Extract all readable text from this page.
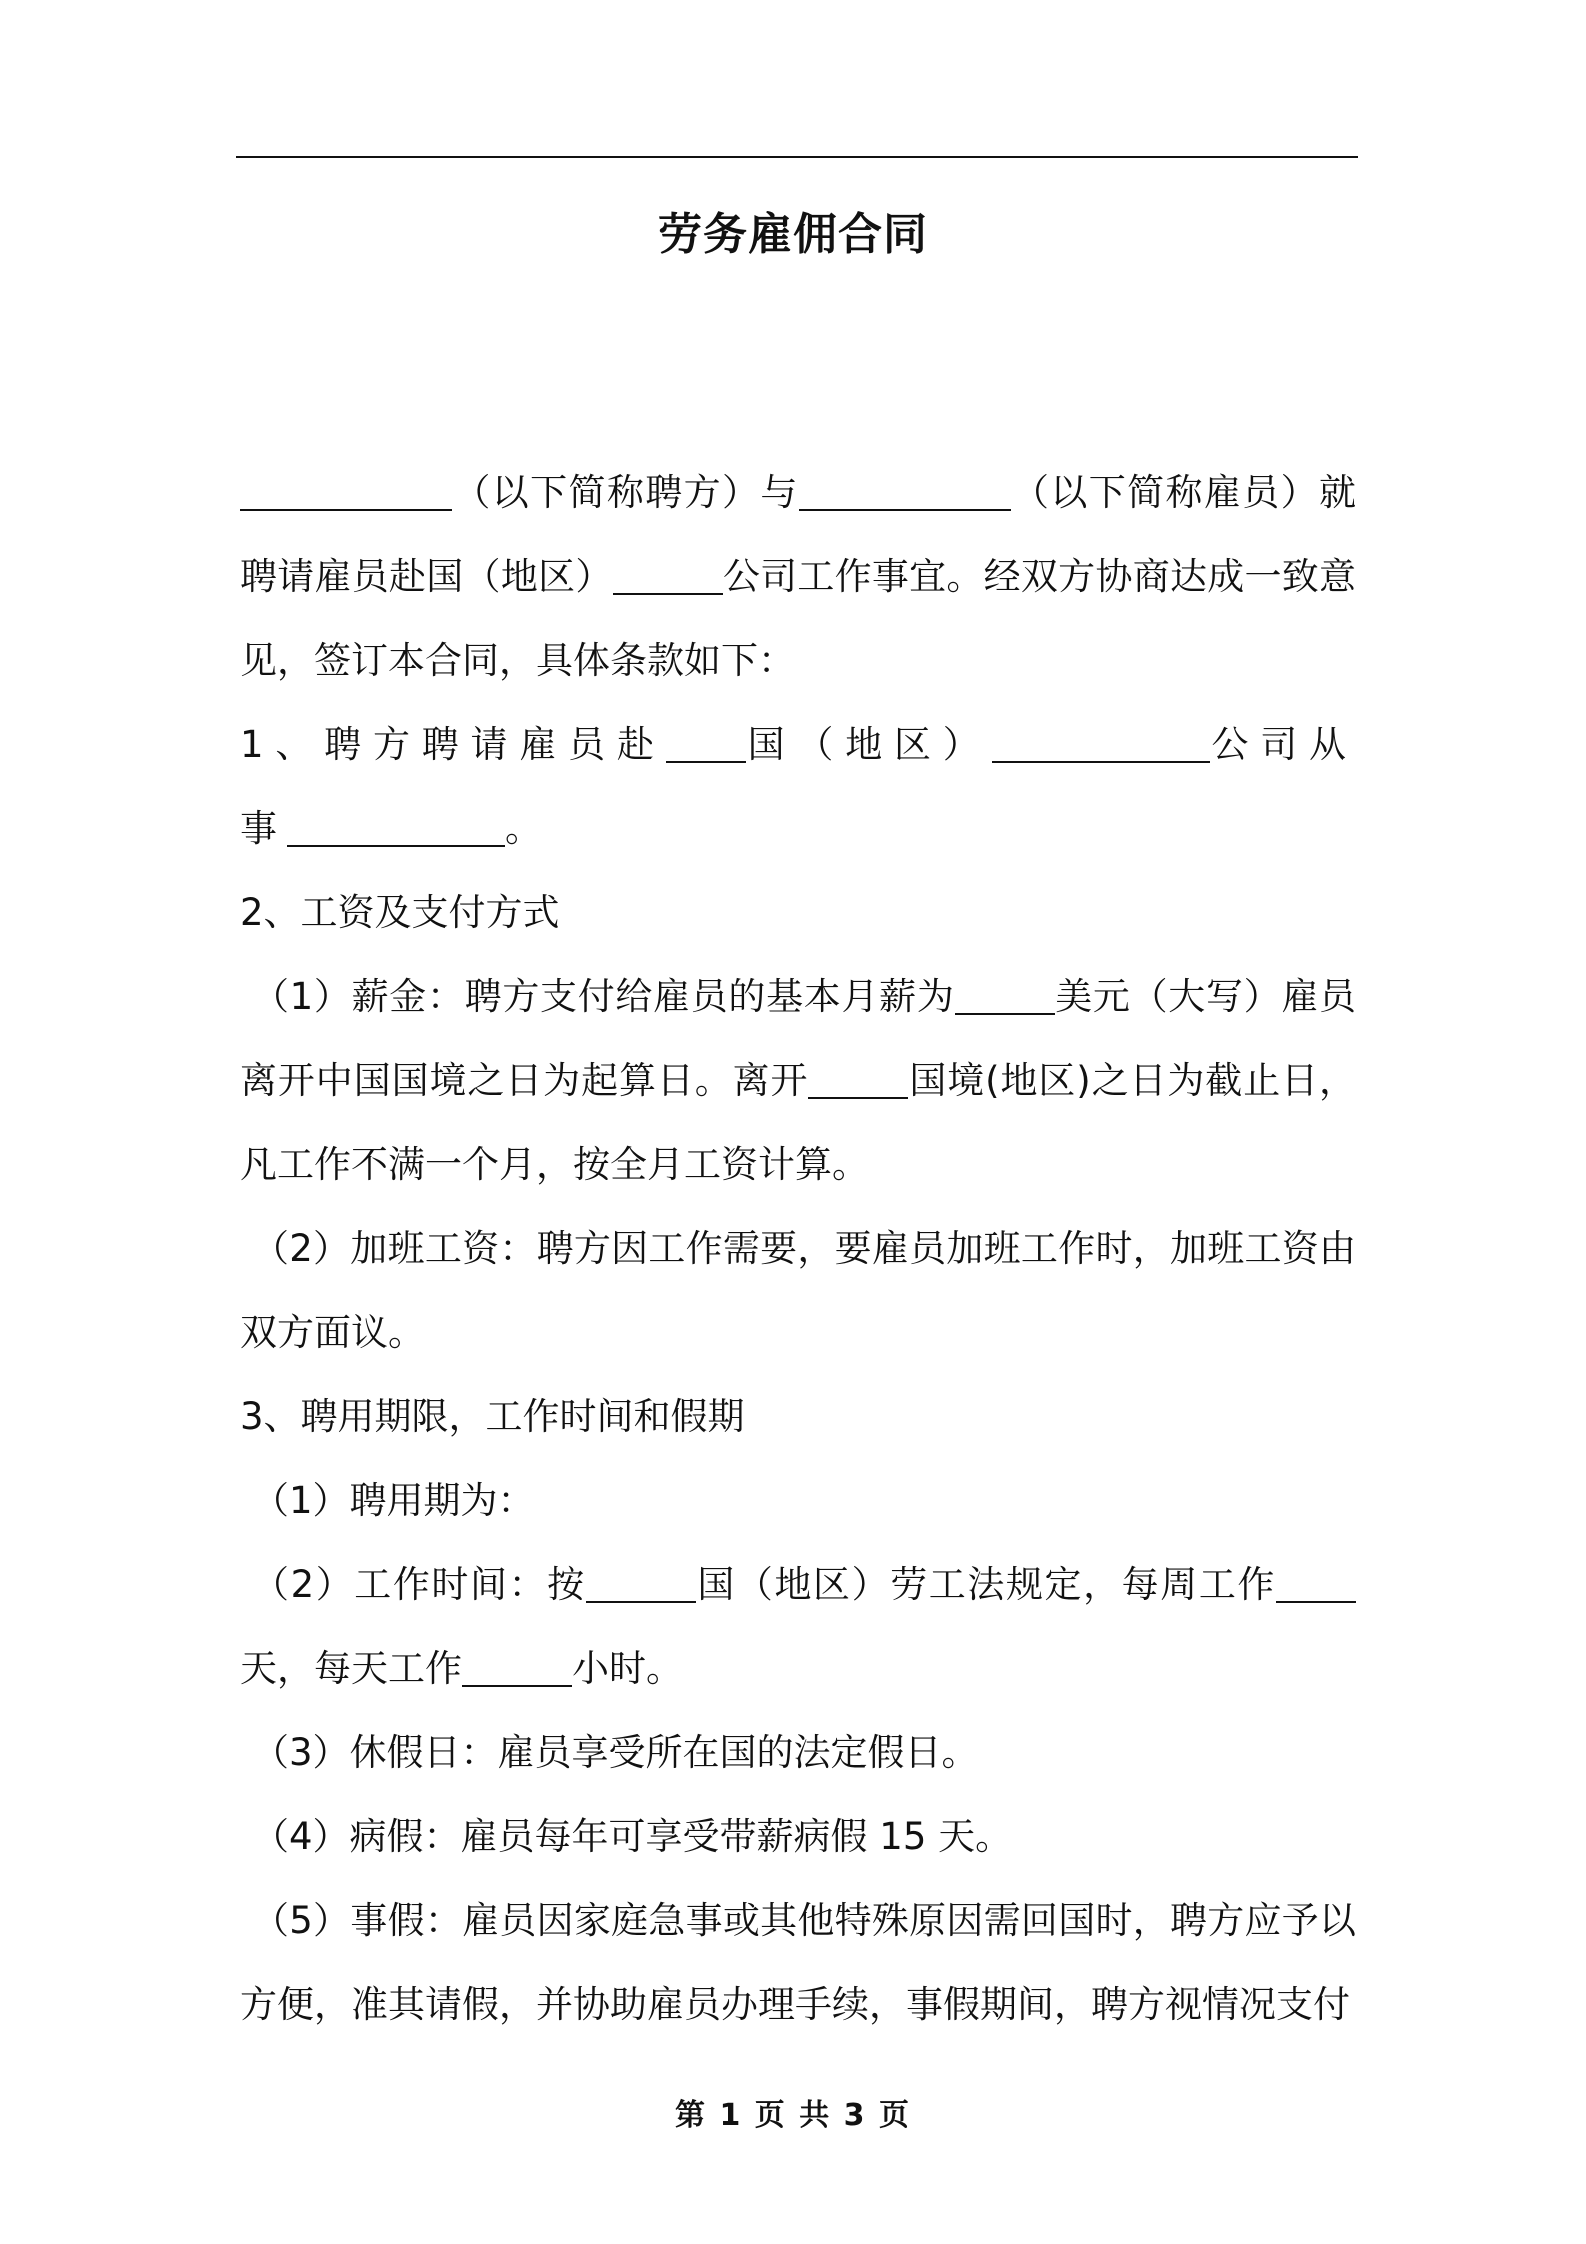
劳务雇佣合同

（以下简称聘方）与	（以下简称雇员）就聘请雇员赴国（地区）	公司工作事宜。经双方协商达成一致意见，签订本合同，具体条款如下：

1、聘方聘请雇员赴 国（地区）	公司从事	。

2、工资及支付方式

（1）薪金：聘方支付给雇员的基本月薪为	美元（大写）雇员离开中国国境之日为起算日。离开	国境(地区)之日为截止日，凡工作不满一个月，按全月工资计算。

（2）加班工资：聘方因工作需要，要雇员加班工作时，加班工资由双方面议。

3、聘用期限，工作时间和假期

（1）聘用期为：

（2）工作时间：按	国（地区）劳工法规定，每周工作天，每天工作	小时。

（3）休假日：雇员享受所在国的法定假日。

（4）病假：雇员每年可享受带薪病假 15 天。

（5）事假：雇员因家庭急事或其他特殊原因需回国时，聘方应予以方便，准其请假，并协助雇员办理手续，事假期间，聘方视情况支付

第 1 页 共 3 页
